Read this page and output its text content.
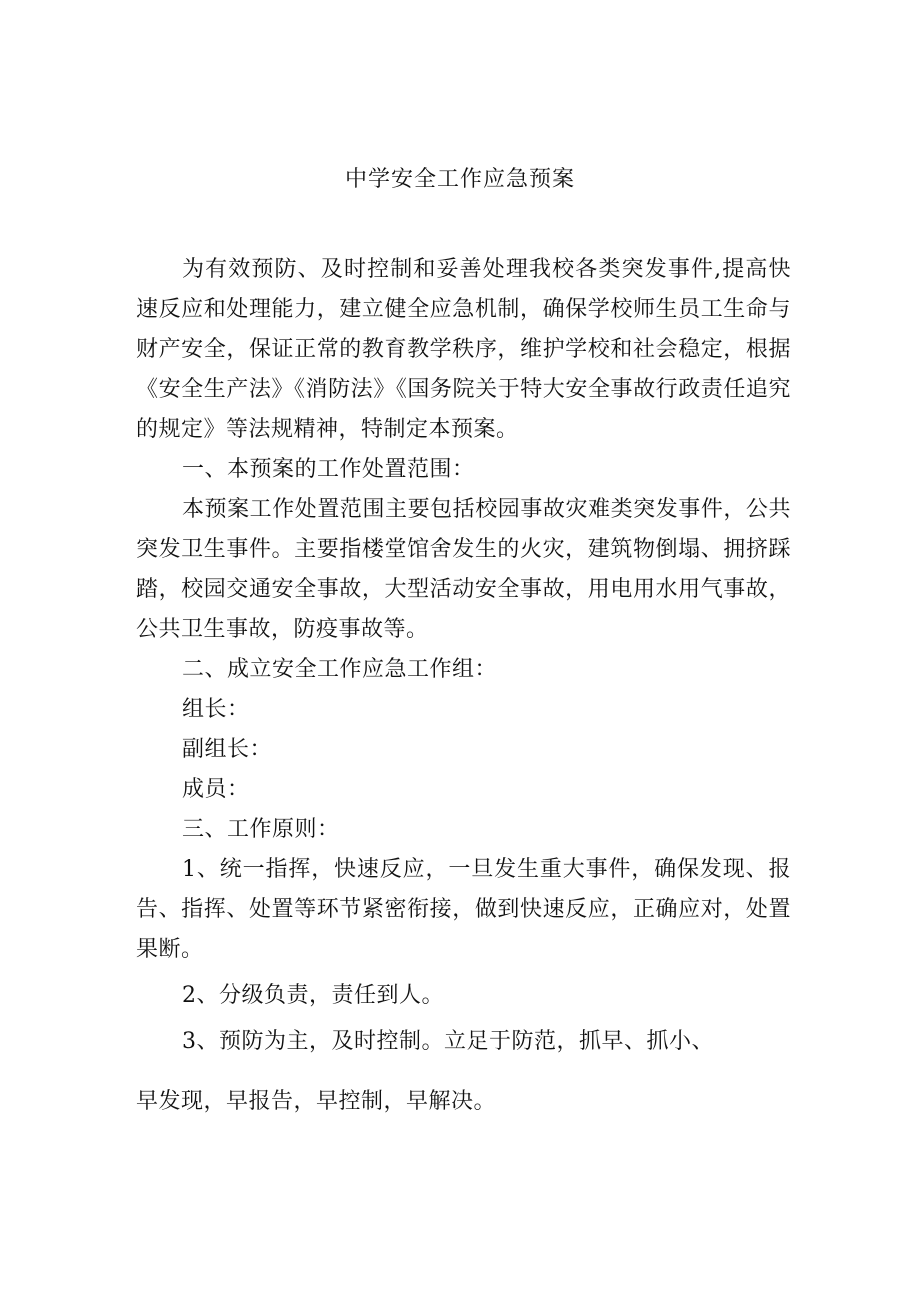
中学安全工作应急预案

为有效预防、及时控制和妥善处理我校各类突发事件,提高快速反应和处理能力，建立健全应急机制，确保学校师生员工生命与财产安全，保证正常的教育教学秩序，维护学校和社会稳定，根据《安全生产法》《消防法》《国务院关于特大安全事故行政责任追究的规定》等法规精神，特制定本预案。

一、本预案的工作处置范围：

本预案工作处置范围主要包括校园事故灾难类突发事件，公共突发卫生事件。主要指楼堂馆舍发生的火灾，建筑物倒塌、拥挤踩踏，校园交通安全事故，大型活动安全事故，用电用水用气事故，公共卫生事故，防疫事故等。

二、成立安全工作应急工作组：

组长：

副组长：

成员：

三、工作原则：

1、统一指挥，快速反应，一旦发生重大事件，确保发现、报告、指挥、处置等环节紧密衔接，做到快速反应，正确应对，处置果断。

2、分级负责，责任到人。

3、预防为主，及时控制。立足于防范，抓早、抓小、

早发现，早报告，早控制，早解决。
